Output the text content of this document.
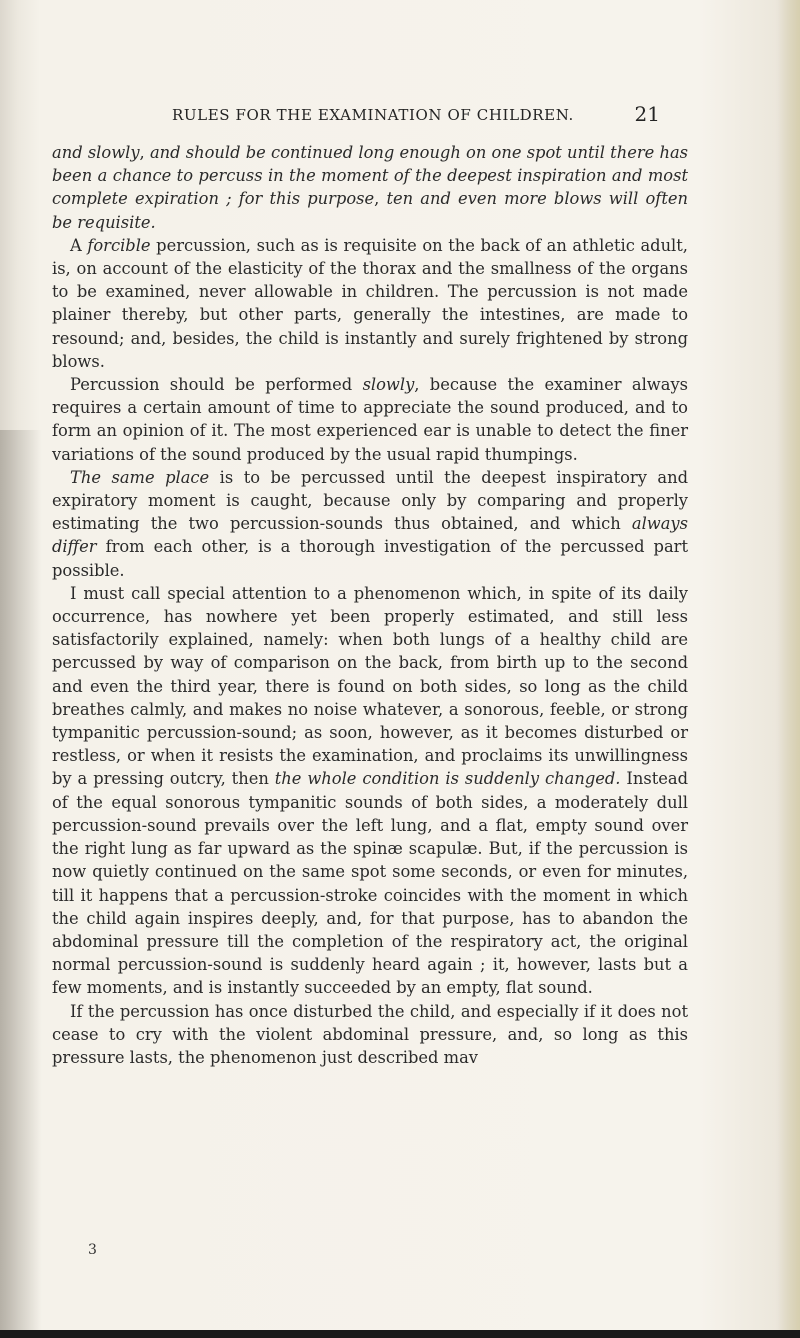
RULES FOR THE EXAMINATION OF CHILDREN.	21

and slowly, and should be continued long enough on one spot until there has been a chance to percuss in the moment of the deepest inspiration and most complete expiration ; for this purpose, ten and even more blows will often be requisite.

A forcible percussion, such as is requisite on the back of an athletic adult, is, on account of the elasticity of the thorax and the smallness of the organs to be examined, never allowable in children. The percussion is not made plainer thereby, but other parts, generally the intestines, are made to resound; and, besides, the child is instantly and surely frightened by strong blows.

Percussion should be performed slowly, because the examiner always requires a certain amount of time to appreciate the sound produced, and to form an opinion of it. The most experienced ear is unable to detect the finer variations of the sound produced by the usual rapid thumpings.

The same place is to be percussed until the deepest inspiratory and expiratory moment is caught, because only by comparing and properly estimating the two percussion-sounds thus obtained, and which always differ from each other, is a thorough investigation of the percussed part possible.

I must call special attention to a phenomenon which, in spite of its daily occurrence, has nowhere yet been properly estimated, and still less satisfactorily explained, namely: when both lungs of a healthy child are percussed by way of comparison on the back, from birth up to the second and even the third year, there is found on both sides, so long as the child breathes calmly, and makes no noise whatever, a sonorous, feeble, or strong tympanitic percussion-sound; as soon, however, as it becomes disturbed or restless, or when it resists the examination, and proclaims its unwillingness by a pressing outcry, then the whole condition is suddenly changed. Instead of the equal sonorous tympanitic sounds of both sides, a moderately dull percussion-sound prevails over the left lung, and a flat, empty sound over the right lung as far upward as the spinæ scapulæ. But, if the percussion is now quietly continued on the same spot some seconds, or even for minutes, till it happens that a percussion-stroke coincides with the moment in which the child again inspires deeply, and, for that purpose, has to abandon the abdominal pressure till the completion of the respiratory act, the original normal percussion-sound is suddenly heard again ; it, however, lasts but a few moments, and is instantly succeeded by an empty, flat sound.

If the percussion has once disturbed the child, and especially if it does not cease to cry with the violent abdominal pressure, and, so long as this pressure lasts, the phenomenon just described mav

3
